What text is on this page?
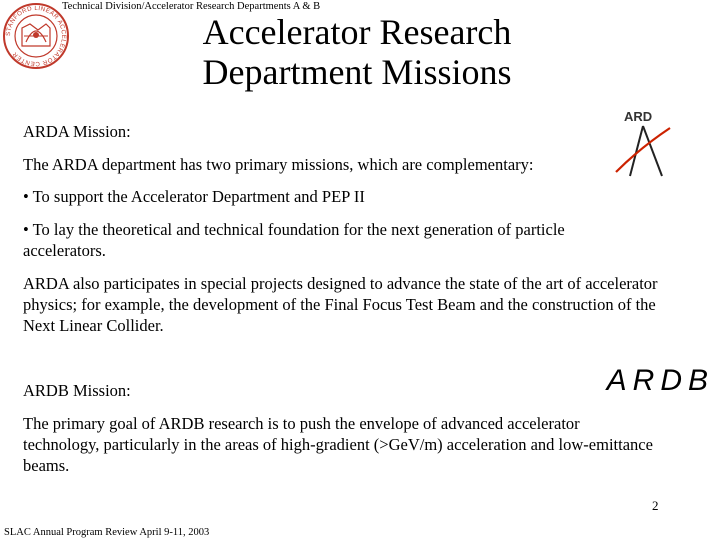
STANFORD LINEAR ACCELERATOR CENTER
Technical Division/Accelerator Research Departments A & B
Accelerator Research
Department Missions
ARD
ARDA Mission:
The ARDA department has two primary missions, which are complementary:
• To support the Accelerator Department and PEP II
• To lay the theoretical and technical foundation for the next generation of particle accelerators.
ARDA also participates in special projects designed to advance the state of the art of accelerator physics; for example, the development of the Final Focus Test Beam and the construction of the Next Linear Collider.
ARDB
ARDB Mission:
The primary goal of ARDB research is to push the envelope of advanced accelerator technology, particularly in the areas of high-gradient (>GeV/m) acceleration and low-emittance beams.
2
SLAC Annual Program Review April 9-11, 2003
